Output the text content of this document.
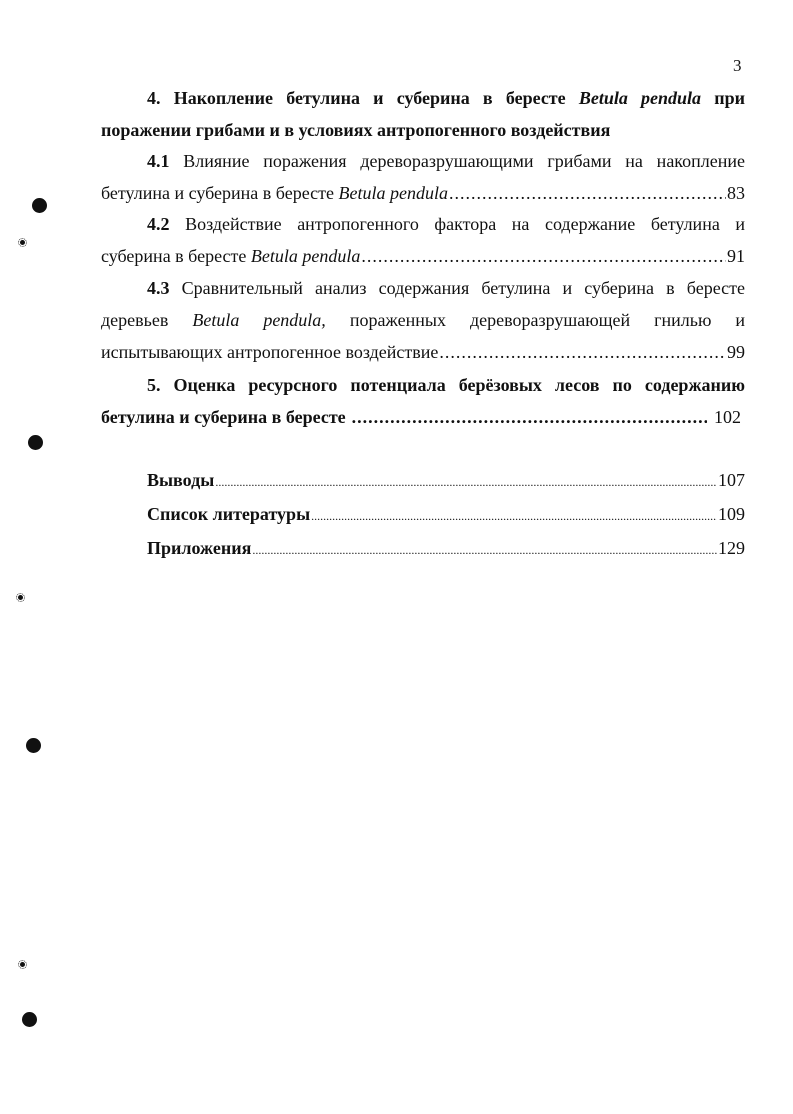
3
4. Накопление бетулина и суберина в бересте Betula pendula при
поражении грибами и в условиях антропогенного воздействия
4.1 Влияние поражения дереворазрушающими грибами на накопление
бетулина и суберина в бересте
Betula pendula .....	83
4.2 Воздействие антропогенного фактора на содержание бетулина и
суберина в бересте
Betula pendula .....	91
4.3 Сравнительный анализ содержания бетулина и суберина в бересте
деревьев Betula pendula, пораженных дереворазрушающей гнилью и
испытывающих антропогенное воздействие .....	99
5. Оценка ресурсного потенциала берёзовых лесов по содержанию
бетулина и суберина в бересте .....	102
Выводы .....	107
Список литературы .....	109
Приложения .....	129
